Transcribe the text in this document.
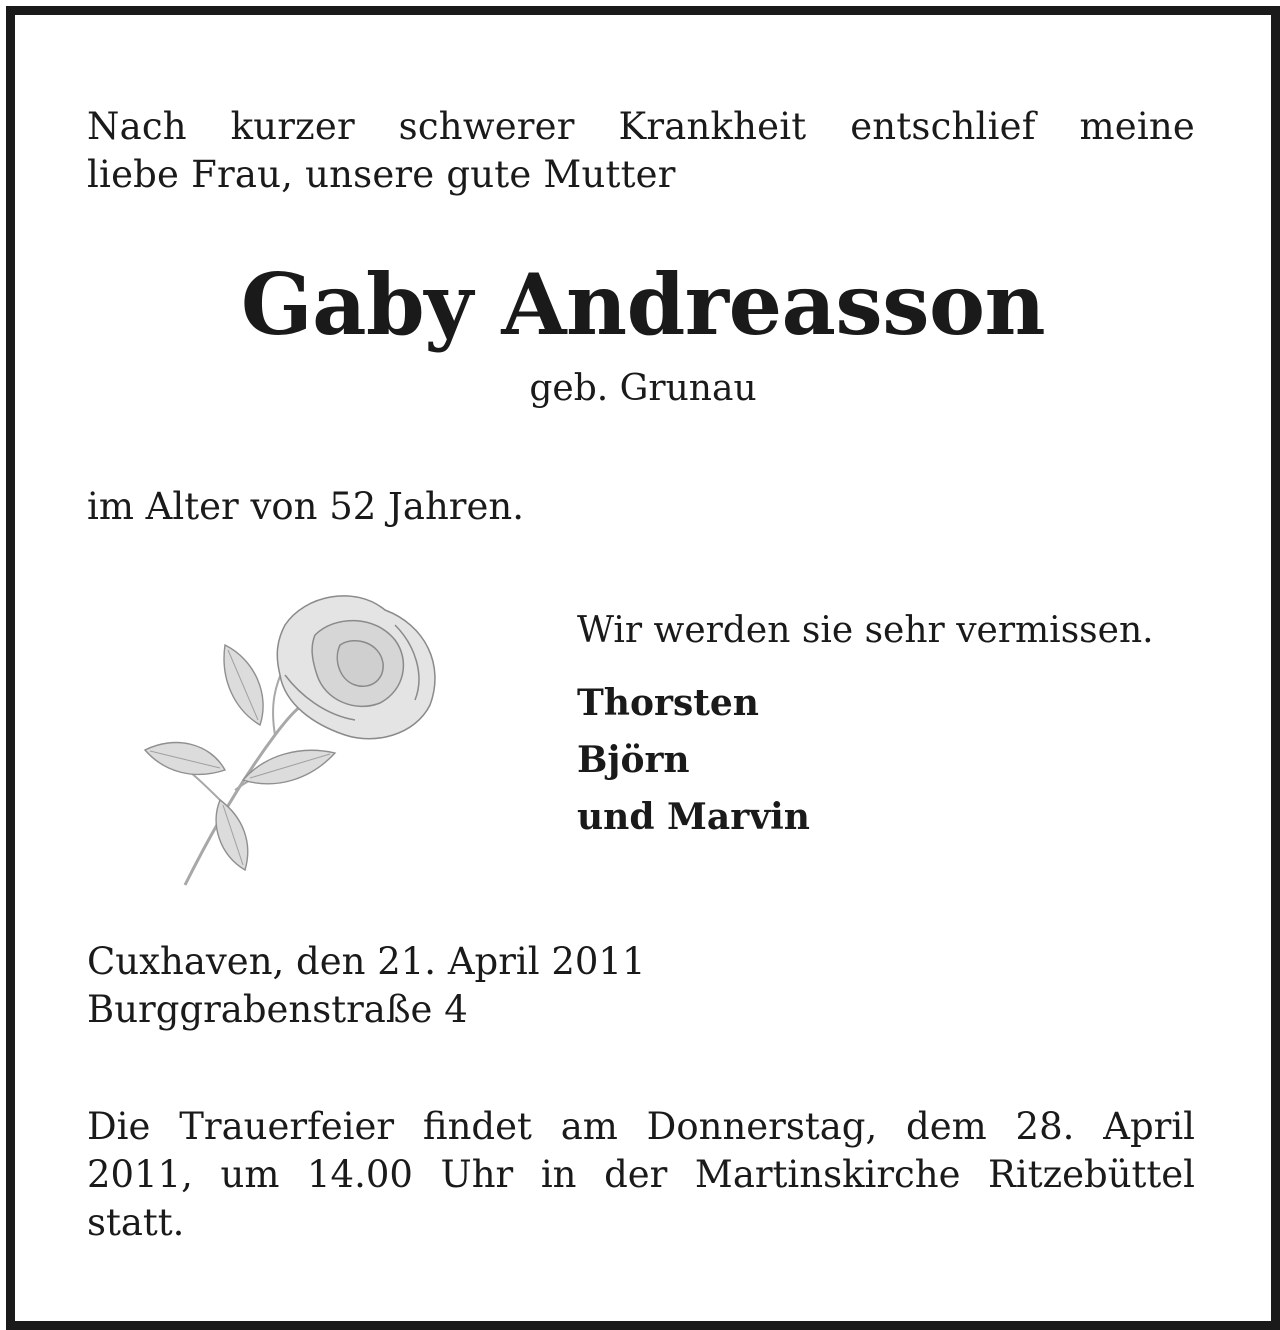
Nach kurzer schwerer Krankheit entschlief meine
liebe Frau, unsere gute Mutter
Gaby Andreasson
geb. Grunau
im Alter von 52 Jahren.
Wir werden sie sehr vermissen.
Thorsten
Björn
und Marvin
Cuxhaven, den 21. April 2011
Burggrabenstraße 4
Die Trauerfeier findet am Donnerstag, dem 28. April
2011, um 14.00 Uhr in der Martinskirche Ritzebüttel
statt.
